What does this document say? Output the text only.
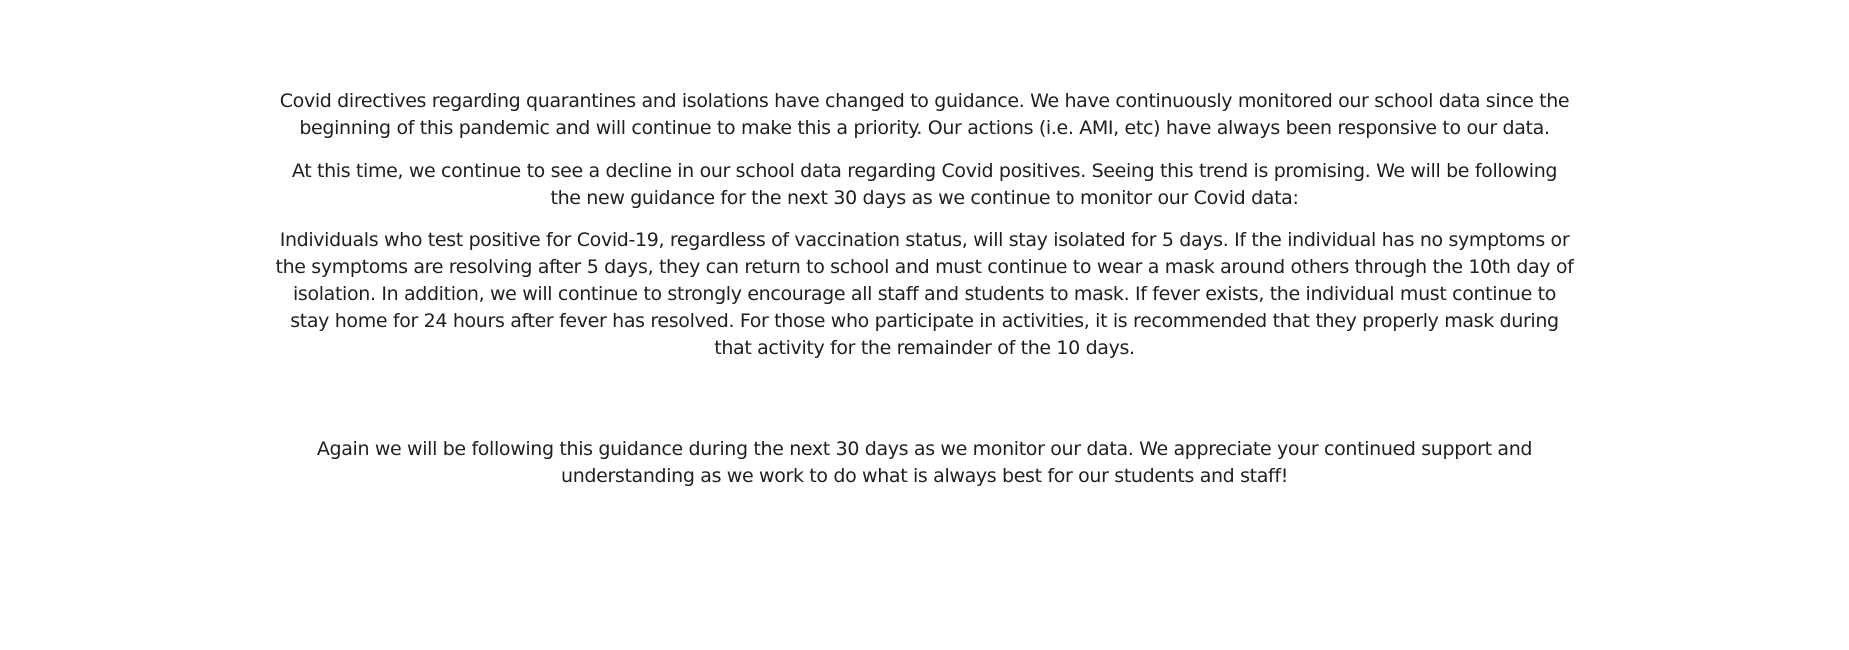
Covid directives regarding quarantines and isolations have changed to guidance. We have continuously monitored our school data since the
beginning of this pandemic and will continue to make this a priority. Our actions (i.e. AMI, etc) have always been responsive to our data.

At this time, we continue to see a decline in our school data regarding Covid positives. Seeing this trend is promising. We will be following
the new guidance for the next 30 days as we continue to monitor our Covid data:

Individuals who test positive for Covid-19, regardless of vaccination status, will stay isolated for 5 days. If the individual has no symptoms or
the symptoms are resolving after 5 days, they can return to school and must continue to wear a mask around others through the 10th day of
isolation. In addition, we will continue to strongly encourage all staff and students to mask. If fever exists, the individual must continue to
stay home for 24 hours after fever has resolved. For those who participate in activities, it is recommended that they properly mask during
that activity for the remainder of the 10 days.

Again we will be following this guidance during the next 30 days as we monitor our data. We appreciate your continued support and
understanding as we work to do what is always best for our students and staff!
